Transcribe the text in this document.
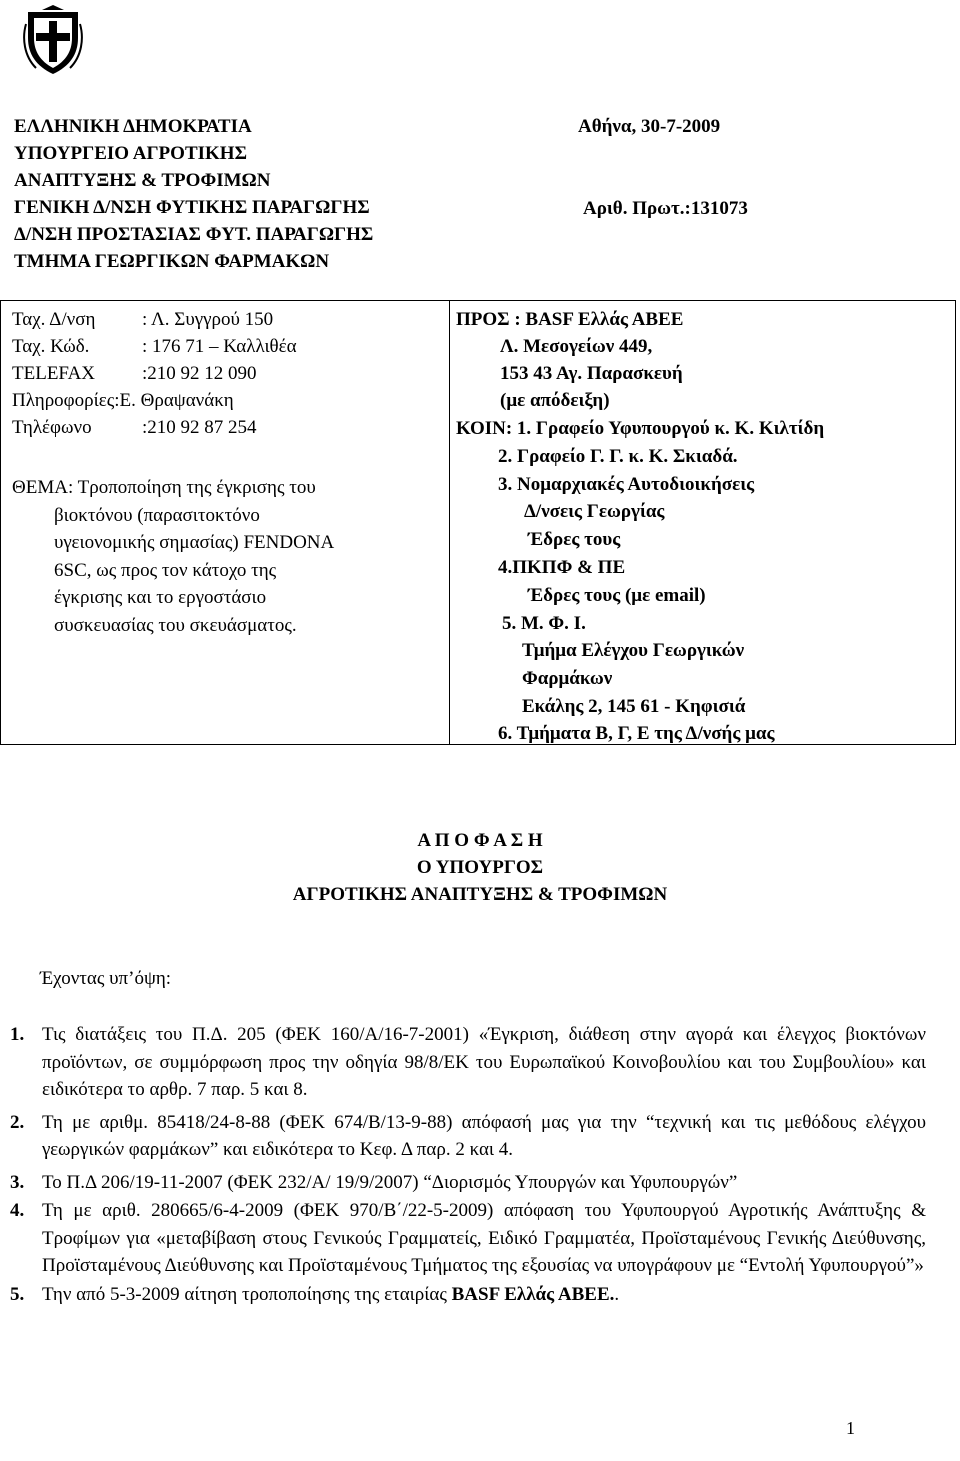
ΕΛΛΗΝΙΚΗ ΔΗΜΟΚΡΑΤΙΑ
ΥΠΟΥΡΓΕΙΟ ΑΓΡΟΤΙΚΗΣ
ΑΝΑΠΤΥΞΗΣ & ΤΡΟΦΙΜΩΝ
ΓΕΝΙΚΗ Δ/ΝΣΗ ΦΥΤΙΚΗΣ ΠΑΡΑΓΩΓΗΣ
Δ/ΝΣΗ ΠΡΟΣΤΑΣΙΑΣ ΦΥΤ. ΠΑΡΑΓΩΓΗΣ
ΤΜΗΜΑ ΓΕΩΡΓΙΚΩΝ ΦΑΡΜΑΚΩΝ
Αθήνα, 30-7-2009
Αριθ. Πρωτ.:131073
Ταχ. Δ/νση : Λ. Συγγρού 150
Ταχ. Κώδ.	: 176 71 – Καλλιθέα
TELEFAX :210 92 12 090
Πληροφορίες:Ε. Θραψανάκη
Τηλέφωνο	:210 92 87 254
ΘΕΜΑ: Τροποποίηση της έγκρισης του
βιοκτόνου (παρασιτοκτόνο
υγειονομικής σημασίας) FENDONA
6SC, ως προς τον κάτοχο της
έγκρισης και το εργοστάσιο
συσκευασίας του σκευάσματος.
ΠΡΟΣ : BASF Ελλάς ΑΒΕΕ
Λ. Μεσογείων 449,
153 43 Αγ. Παρασκευή
(με απόδειξη)
ΚΟΙΝ: 1. Γραφείο Υφυπουργού κ. Κ. Κιλτίδη
2. Γραφείο Γ. Γ. κ. Κ. Σκιαδά.
3. Νομαρχιακές Αυτοδιοικήσεις
Δ/νσεις Γεωργίας
Έδρες τους
4.ΠΚΠΦ & ΠΕ
Έδρες τους (με email)
5. Μ. Φ. Ι.
Τμήμα Ελέγχου Γεωργικών
Φαρμάκων
Εκάλης 2, 145 61 - Κηφισιά
6. Τμήματα Β, Γ, Ε της Δ/νσής μας
Α Π Ο Φ Α Σ Η
Ο ΥΠΟΥΡΓΟΣ
ΑΓΡΟΤΙΚΗΣ ΑΝΑΠΤΥΞΗΣ & ΤΡΟΦΙΜΩΝ
Έχοντας υπ’όψη:
1. Τις διατάξεις του Π.Δ. 205 (ΦΕΚ 160/Α/16-7-2001) «Έγκριση, διάθεση στην αγορά και έλεγχος βιοκτόνων προϊόντων, σε συμμόρφωση προς την οδηγία 98/8/ΕΚ του Ευρωπαϊκού Κοινοβουλίου και του Συμβουλίου» και ειδικότερα το αρθρ. 7 παρ. 5 και 8.
2. Τη με αριθμ. 85418/24-8-88 (ΦΕΚ 674/Β/13-9-88) απόφασή μας για την “τεχνική και τις μεθόδους ελέγχου γεωργικών φαρμάκων” και ειδικότερα το Κεφ. Δ παρ. 2 και 4.
3. Το Π.Δ 206/19-11-2007 (ΦΕΚ 232/Α/ 19/9/2007) “Διορισμός Υπουργών και Υφυπουργών”
4. Τη με αριθ. 280665/6-4-2009 (ΦΕΚ 970/Β΄/22-5-2009) απόφαση του Υφυπουργού Αγροτικής Ανάπτυξης & Τροφίμων για «μεταβίβαση στους Γενικούς Γραμματείς, Ειδικό Γραμματέα, Προϊσταμένους Γενικής Διεύθυνσης, Προϊσταμένους Διεύθυνσης και Προϊσταμένους Τμήματος της εξουσίας να υπογράφουν με “Εντολή Υφυπουργού”»
5. Την από 5-3-2009 αίτηση τροποποίησης της εταιρίας BASF Ελλάς ΑΒΕΕ..
1
